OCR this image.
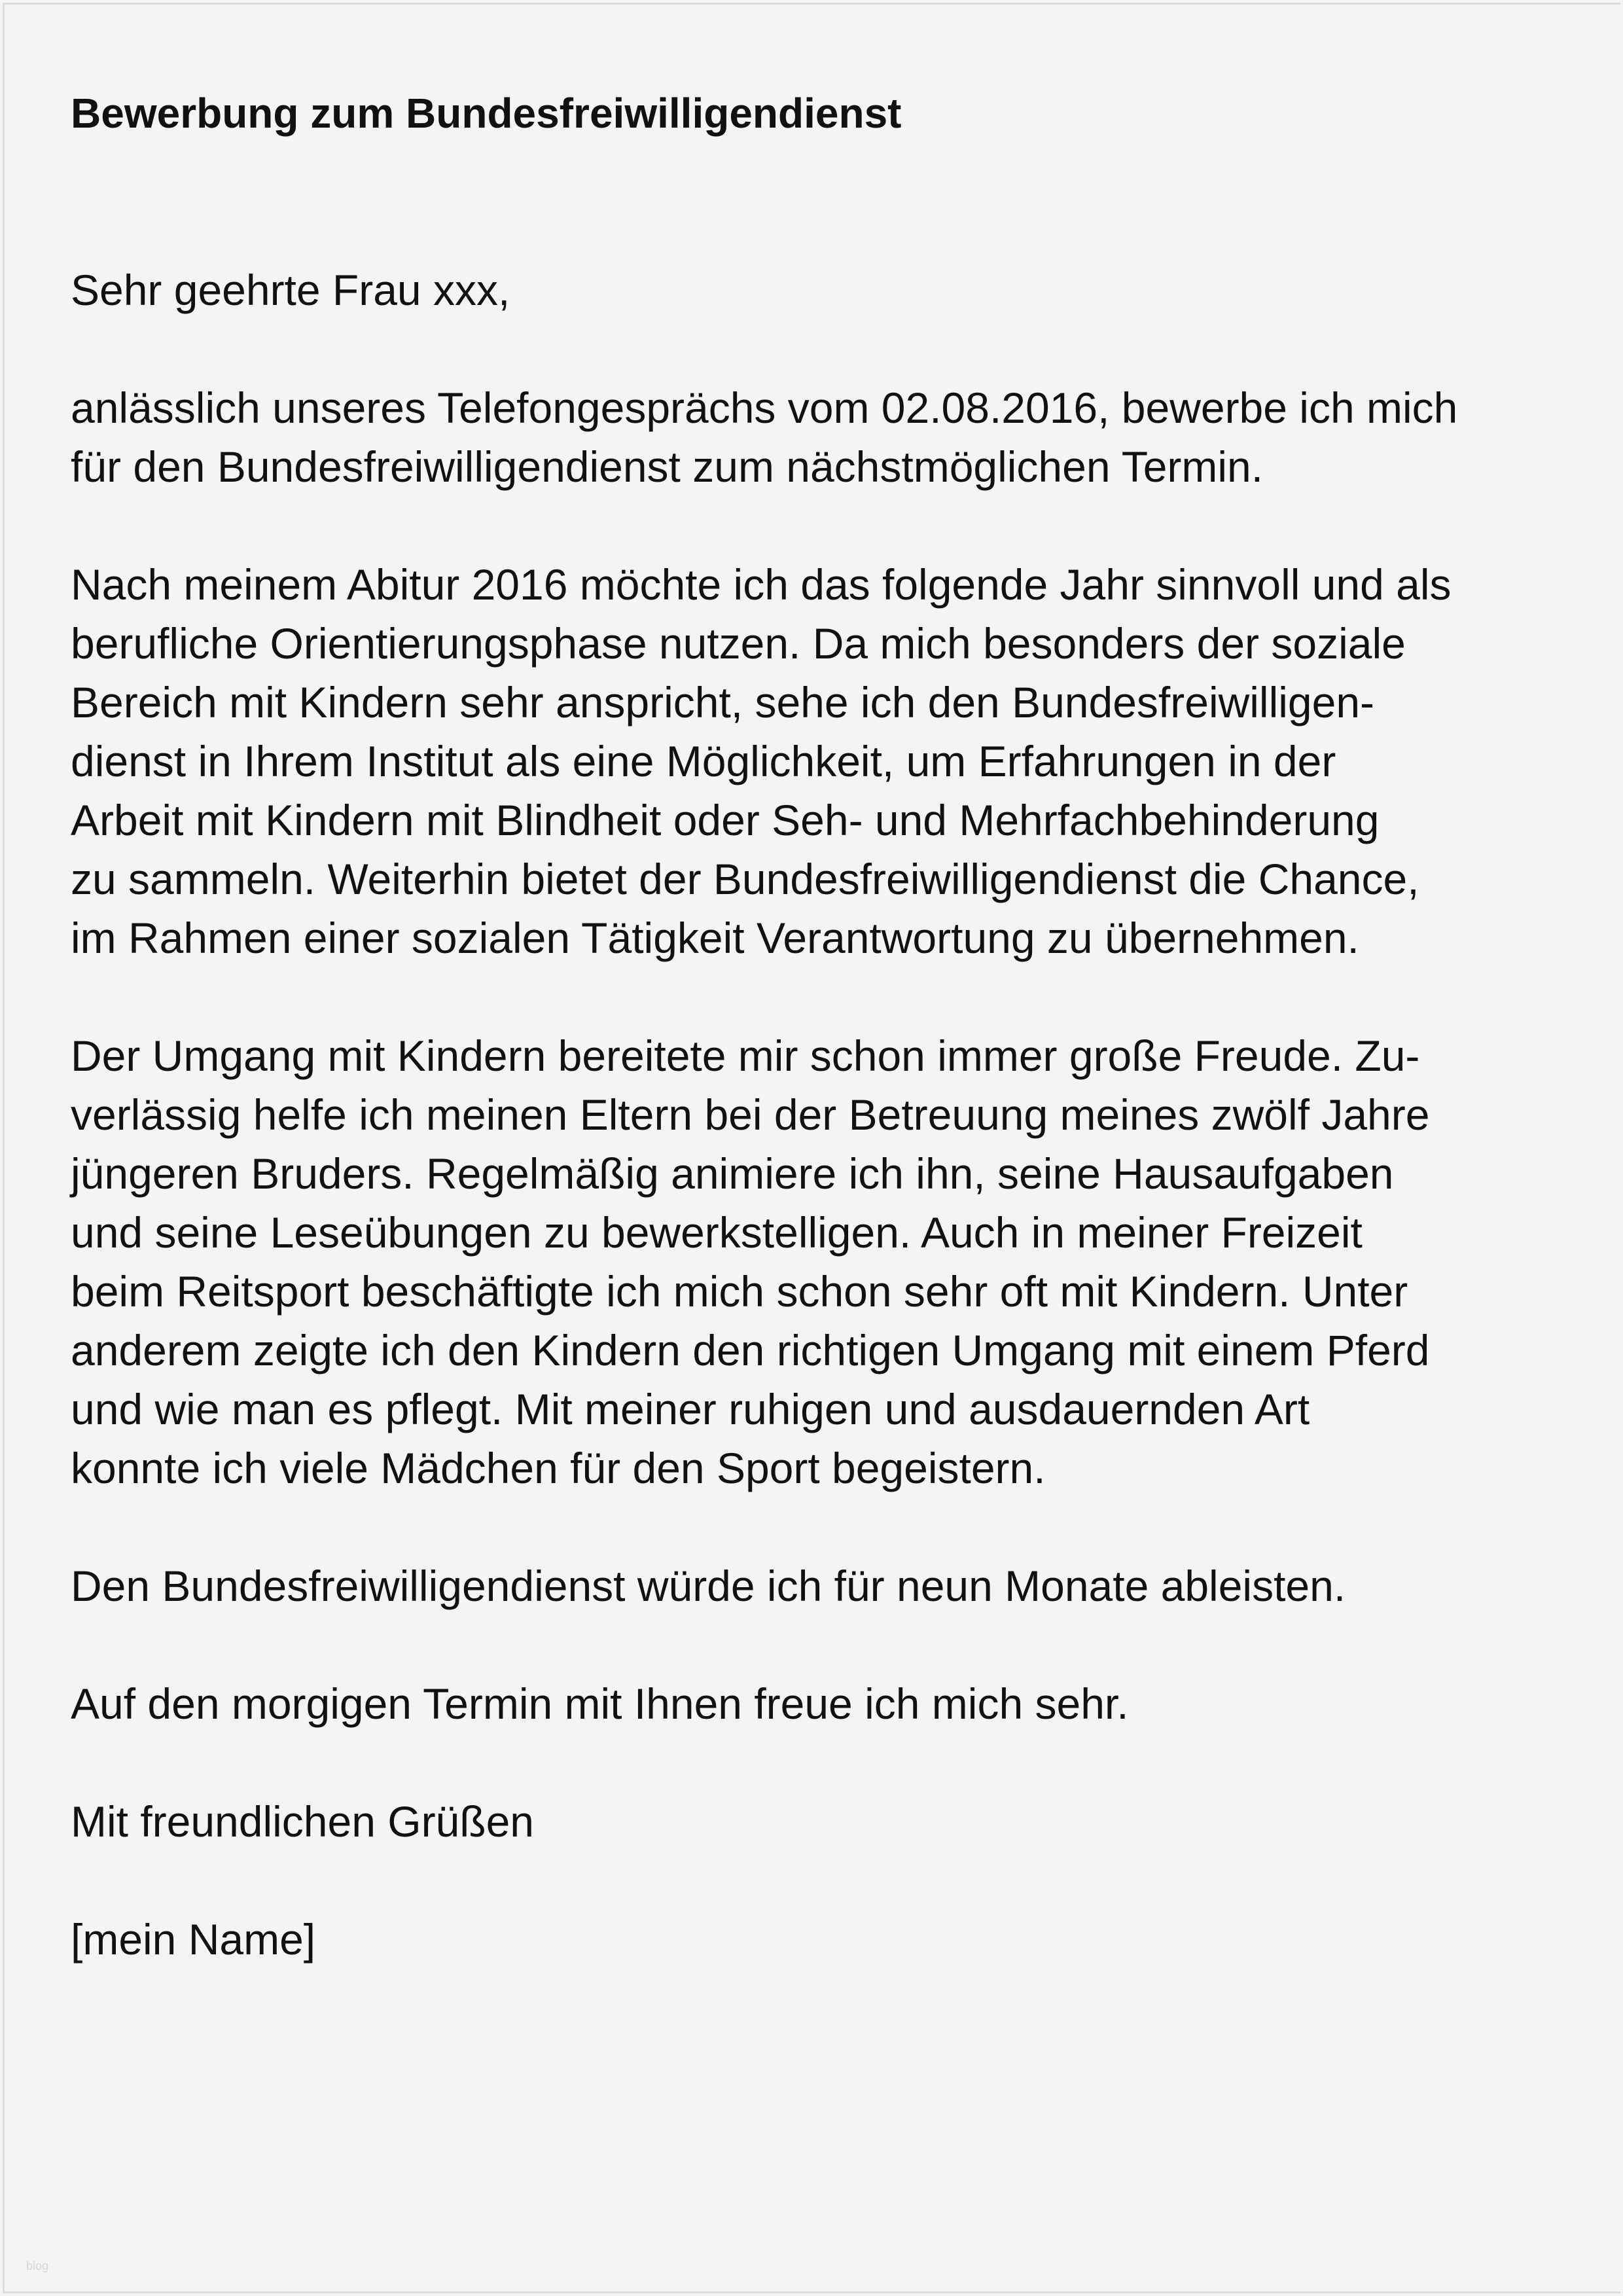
Bewerbung zum Bundesfreiwilligendienst
Sehr geehrte Frau xxx,
anlässlich unseres Telefongesprächs vom 02.08.2016, bewerbe ich mich
für den Bundesfreiwilligendienst zum nächstmöglichen Termin.
Nach meinem Abitur 2016 möchte ich das folgende Jahr sinnvoll und als
berufliche Orientierungsphase nutzen. Da mich besonders der soziale
Bereich mit Kindern sehr anspricht, sehe ich den Bundesfreiwilligen-
dienst in Ihrem Institut als eine Möglichkeit, um Erfahrungen in der
Arbeit mit Kindern mit Blindheit oder Seh- und Mehrfachbehinderung
zu sammeln. Weiterhin bietet der Bundesfreiwilligendienst die Chance,
im Rahmen einer sozialen Tätigkeit Verantwortung zu übernehmen.
Der Umgang mit Kindern bereitete mir schon immer große Freude. Zu-
verlässig helfe ich meinen Eltern bei der Betreuung meines zwölf Jahre
jüngeren Bruders. Regelmäßig animiere ich ihn, seine Hausaufgaben
und seine Leseübungen zu bewerkstelligen. Auch in meiner Freizeit
beim Reitsport beschäftigte ich mich schon sehr oft mit Kindern. Unter
anderem zeigte ich den Kindern den richtigen Umgang mit einem Pferd
und wie man es pflegt. Mit meiner ruhigen und ausdauernden Art
konnte ich viele Mädchen für den Sport begeistern.
Den Bundesfreiwilligendienst würde ich für neun Monate ableisten.
Auf den morgigen Termin mit Ihnen freue ich mich sehr.
Mit freundlichen Grüßen
[mein Name]
blog
